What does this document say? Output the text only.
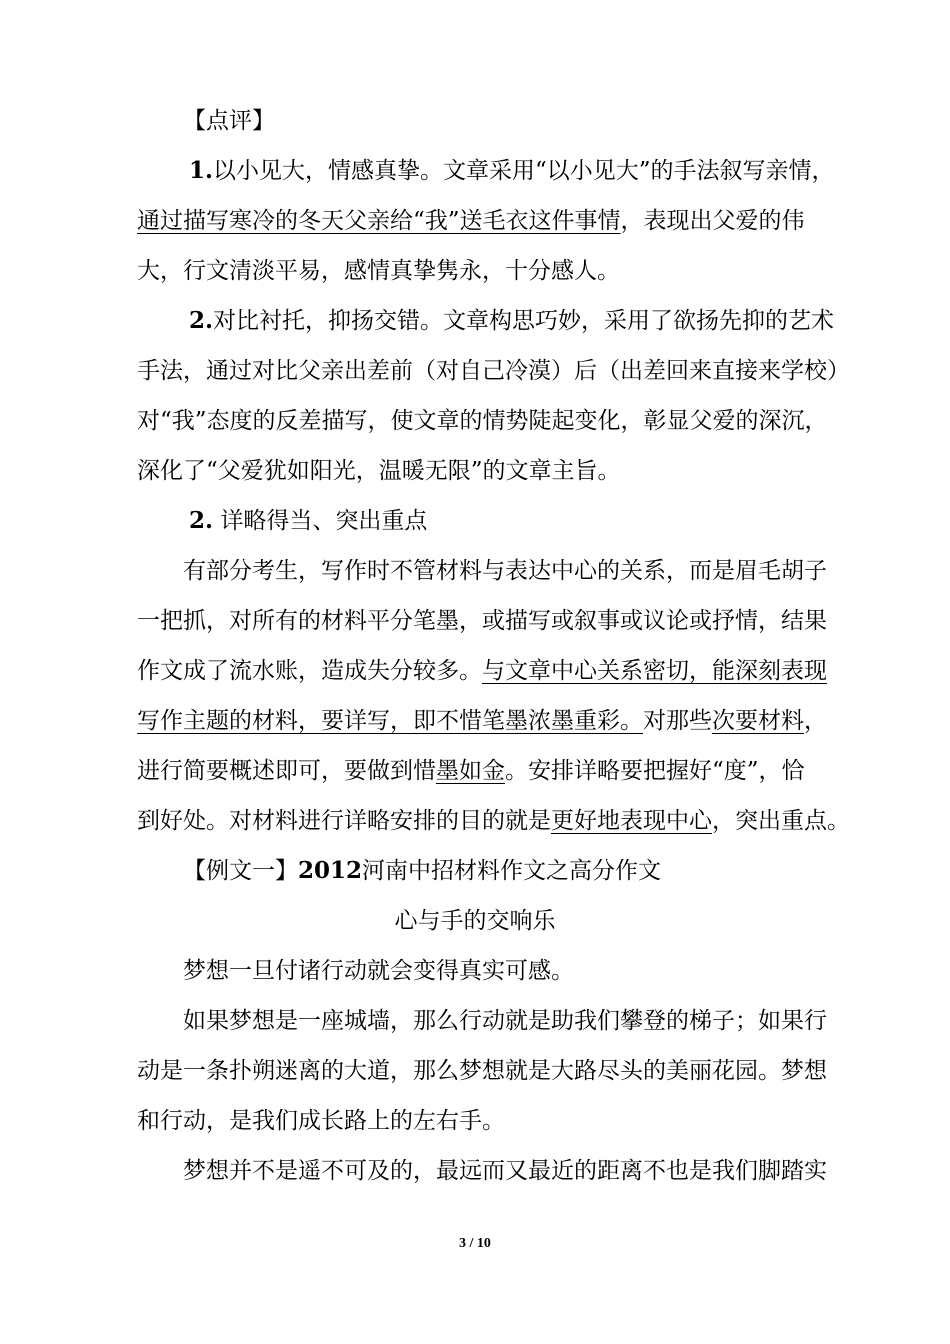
【点评】
1.以小见大，情感真挚。文章采用“以小见大”的手法叙写亲情，
通过描写寒冷的冬天父亲给“我”送毛衣这件事情，表现出父爱的伟
大，行文清淡平易，感情真挚隽永，十分感人。
2.对比衬托，抑扬交错。文章构思巧妙，采用了欲扬先抑的艺术
手法，通过对比父亲出差前（对自己冷漠）后（出差回来直接来学校）
对“我”态度的反差描写，使文章的情势陡起变化，彰显父爱的深沉，
深化了“父爱犹如阳光，温暖无限”的文章主旨。
2. 详略得当、突出重点
有部分考生，写作时不管材料与表达中心的关系，而是眉毛胡子
一把抓，对所有的材料平分笔墨，或描写或叙事或议论或抒情，结果
作文成了流水账，造成失分较多。与文章中心关系密切，能深刻表现
写作主题的材料，要详写，即不惜笔墨浓墨重彩。对那些次要材料，
进行简要概述即可，要做到惜墨如金。安排详略要把握好“度”，恰
到好处。对材料进行详略安排的目的就是更好地表现中心，突出重点。
【例文一】2012河南中招材料作文之高分作文
心与手的交响乐
梦想一旦付诸行动就会变得真实可感。
如果梦想是一座城墙，那么行动就是助我们攀登的梯子；如果行
动是一条扑朔迷离的大道，那么梦想就是大路尽头的美丽花园。梦想
和行动，是我们成长路上的左右手。
梦想并不是遥不可及的，最远而又最近的距离不也是我们脚踏实
3 / 10
